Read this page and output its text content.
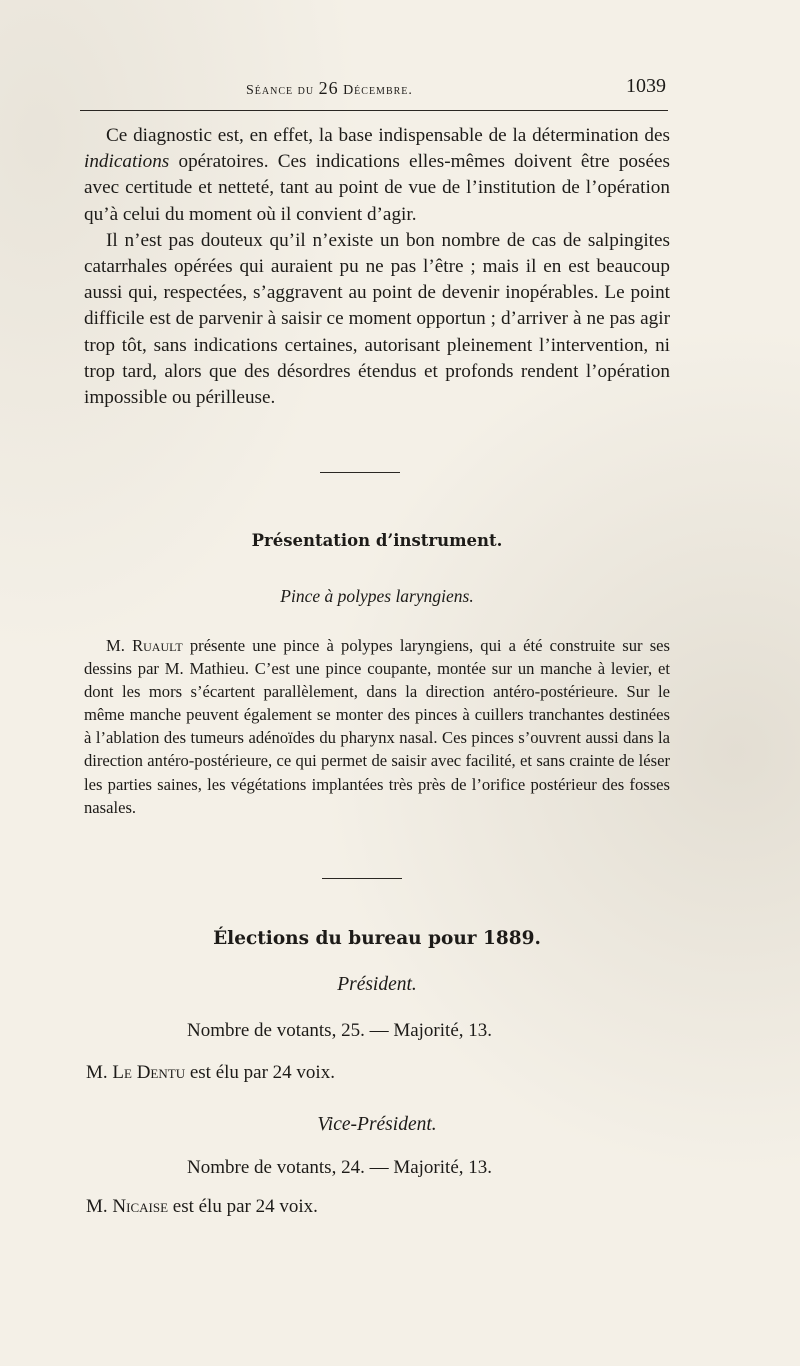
Séance du 26 Décembre.	1039

Ce diagnostic est, en effet, la base indispensable de la détermination des indications opératoires. Ces indications elles-mêmes doivent être posées avec certitude et netteté, tant au point de vue de l’institution de l’opération qu’à celui du moment où il convient d’agir.

Il n’est pas douteux qu’il n’existe un bon nombre de cas de salpingites catarrhales opérées qui auraient pu ne pas l’être ; mais il en est beaucoup aussi qui, respectées, s’aggravent au point de devenir inopérables. Le point difficile est de parvenir à saisir ce moment opportun ; d’arriver à ne pas agir trop tôt, sans indications certaines, autorisant pleinement l’intervention, ni trop tard, alors que des désordres étendus et profonds rendent l’opération impossible ou périlleuse.

Présentation d’instrument.
Pince à polypes laryngiens.

M. Ruault présente une pince à polypes laryngiens, qui a été construite sur ses dessins par M. Mathieu. C’est une pince coupante, montée sur un manche à levier, et dont les mors s’écartent parallèlement, dans la direction antéro-postérieure. Sur le même manche peuvent également se monter des pinces à cuillers tranchantes destinées à l’ablation des tumeurs adénoïdes du pharynx nasal. Ces pinces s’ouvrent aussi dans la direction antéro-postérieure, ce qui permet de saisir avec facilité, et sans crainte de léser les parties saines, les végétations implantées très près de l’orifice postérieur des fosses nasales.

Élections du bureau pour 1889.
Président.
Nombre de votants, 25. — Majorité, 13.
M. Le Dentu est élu par 24 voix.
Vice-Président.
Nombre de votants, 24. — Majorité, 13.
M. Nicaise est élu par 24 voix.
